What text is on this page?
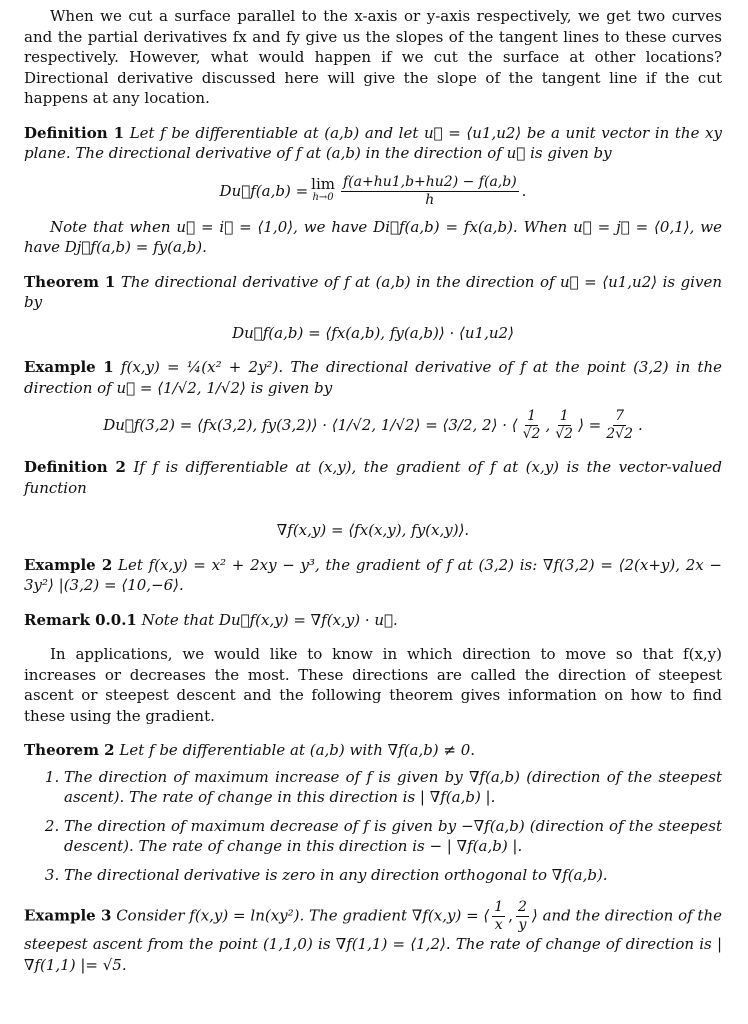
When we cut a surface parallel to the x-axis or y-axis respectively, we get two curves and the partial derivatives fx and fy give us the slopes of the tangent lines to these curves respectively. However, what would happen if we cut the surface at other locations? Directional derivative discussed here will give the slope of the tangent line if the cut happens at any location.

Definition 1 Let f be differentiable at (a,b) and let u⃗ = ⟨u1,u2⟩ be a unit vector in the xy plane. The directional derivative of f at (a,b) in the direction of u⃗ is given by

Du⃗f(a,b) = lim
$h\to 0 \frac{f(a+hu1,b+hu2) - f(a,b)}{h}$ .

Note that when u⃗ = i⃗ = ⟨1,0⟩, we have Di⃗f(a,b) = fx(a,b). When u⃗ = j⃗ = ⟨0,1⟩, we have Dj⃗f(a,b) = fy(a,b).

Theorem 1 The directional derivative of f at (a,b) in the direction of u⃗ = ⟨u1,u2⟩ is given by

Du⃗f(a,b) = ⟨fx(a,b), fy(a,b)⟩ · ⟨u1,u2⟩

Example 1 f(x,y) = ¼(x² + 2y²). The directional derivative of f at the point (3,2) in the direction of u⃗ = ⟨1/√2, 1/√2⟩ is given by

Du⃗f(3,2) = ⟨fx(3,2), fy(3,2)⟩ · ⟨1/√2, 1/√2⟩ = ⟨3/2, 2⟩ · ⟨ $\frac{1}{√2}$ , $\frac{1}{√2}$ ⟩ = $\frac{7}{2√2}$ .

Definition 2 If f is differentiable at (x,y), the gradient of f at (x,y) is the vector-valued function

∇f(x,y) = ⟨fx(x,y), fy(x,y)⟩.

Example 2 Let f(x,y) = x² + 2xy − y³, the gradient of f at (3,2) is: ∇f(3,2) = ⟨2(x+y), 2x − 3y²⟩ |(3,2) = ⟨10,−6⟩.

Remark 0.0.1 Note that Du⃗f(x,y) = ∇f(x,y) · u⃗.

In applications, we would like to know in which direction to move so that f(x,y) increases or decreases the most. These directions are called the direction of steepest ascent or steepest descent and the following theorem gives information on how to find these using the gradient.

Theorem 2 Let f be differentiable at (a,b) with ∇f(a,b) ≠ 0.

1. The direction of maximum increase of f is given by ∇f(a,b) (direction of the steepest ascent). The rate of change in this direction is | ∇f(a,b) |.
2. The direction of maximum decrease of f is given by −∇f(a,b) (direction of the steepest descent). The rate of change in this direction is − | ∇f(a,b) |.
3. The directional derivative is zero in any direction orthogonal to ∇f(a,b).

Example 3 Consider f(x,y) = ln(xy²). The gradient ∇f(x,y) = ⟨ $\frac{1}{x}$ , $\frac{2}{y}$ ⟩ and the direction of the steepest ascent from the point (1,1,0) is ∇f(1,1) = ⟨1,2⟩. The rate of change of direction is | ∇f(1,1) |= √5.
